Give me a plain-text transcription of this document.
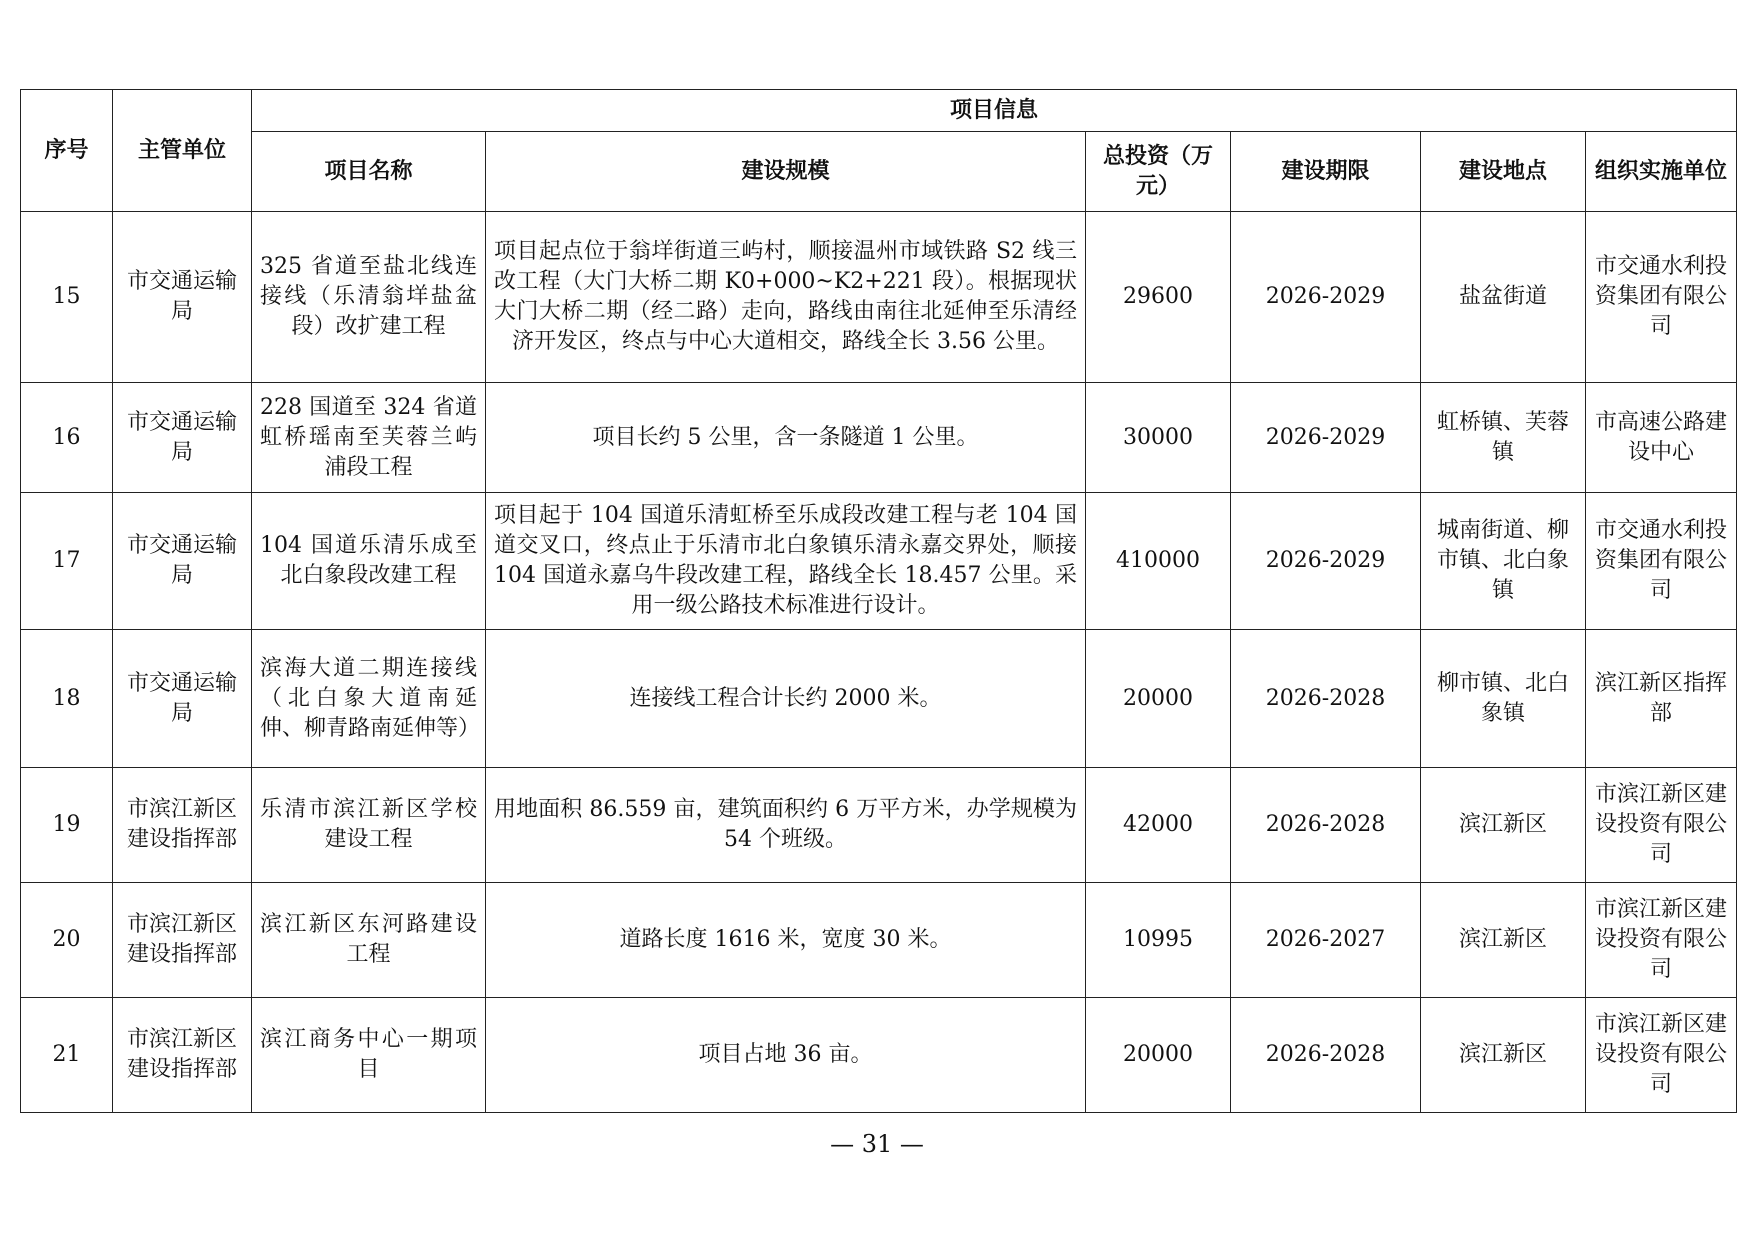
序号	主管单位	项目信息					
		项目名称	建设规模	总投资（万元）	建设期限	建设地点	组织实施单位
15	市交通运输局	325 省道至盐北线连接线（乐清翁垟盐盆段）改扩建工程	项目起点位于翁垟街道三屿村，顺接温州市域铁路 S2 线三改工程（大门大桥二期 K0+000~K2+221 段）。根据现状大门大桥二期（经二路）走向，路线由南往北延伸至乐清经济开发区，终点与中心大道相交，路线全长 3.56 公里。	29600	2026-2029	盐盆街道	市交通水利投资集团有限公司
16	市交通运输局	228 国道至 324 省道虹桥瑶南至芙蓉兰屿浦段工程	项目长约 5 公里，含一条隧道 1 公里。	30000	2026-2029	虹桥镇、芙蓉镇	市高速公路建设中心
17	市交通运输局	104 国道乐清乐成至北白象段改建工程	项目起于 104 国道乐清虹桥至乐成段改建工程与老 104 国道交叉口，终点止于乐清市北白象镇乐清永嘉交界处，顺接 104 国道永嘉乌牛段改建工程，路线全长 18.457 公里。采用一级公路技术标准进行设计。	410000	2026-2029	城南街道、柳市镇、北白象镇	市交通水利投资集团有限公司
18	市交通运输局	滨海大道二期连接线（北白象大道南延伸、柳青路南延伸等）	连接线工程合计长约 2000 米。	20000	2026-2028	柳市镇、北白象镇	滨江新区指挥部
19	市滨江新区建设指挥部	乐清市滨江新区学校建设工程	用地面积 86.559 亩，建筑面积约 6 万平方米，办学规模为 54 个班级。	42000	2026-2028	滨江新区	市滨江新区建设投资有限公司
20	市滨江新区建设指挥部	滨江新区东河路建设工程	道路长度 1616 米，宽度 30 米。	10995	2026-2027	滨江新区	市滨江新区建设投资有限公司
21	市滨江新区建设指挥部	滨江商务中心一期项目	项目占地 36 亩。	20000	2026-2028	滨江新区	市滨江新区建设投资有限公司
— 31 —
